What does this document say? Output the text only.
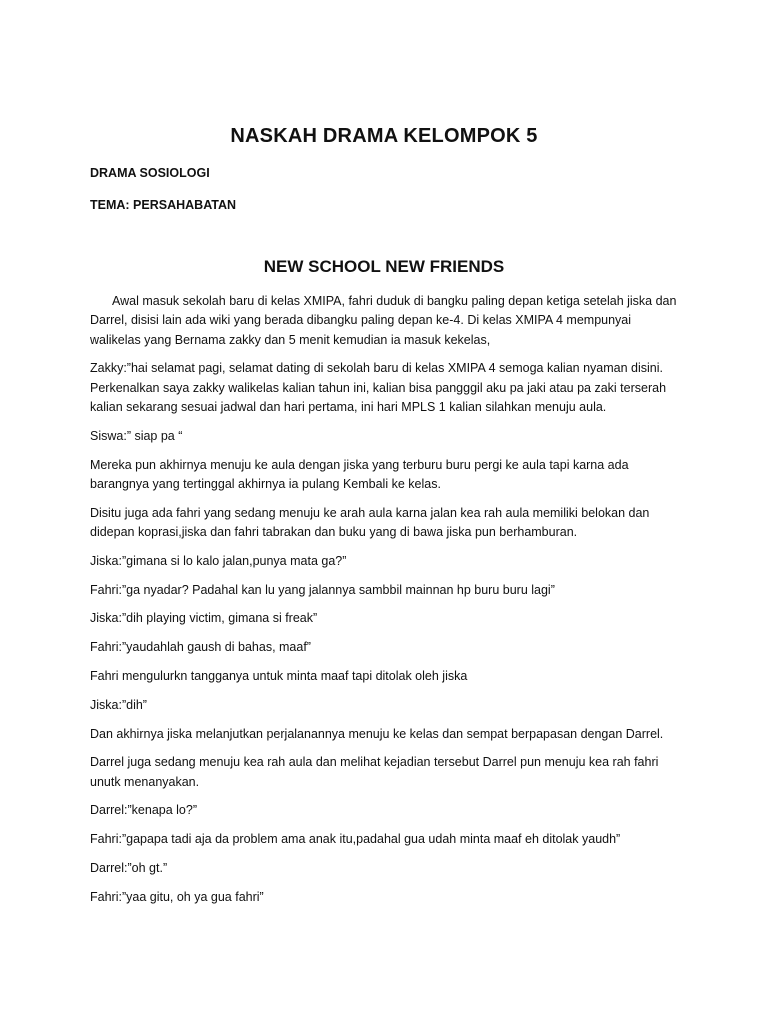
NASKAH DRAMA KELOMPOK 5

DRAMA SOSIOLOGI

TEMA: PERSAHABATAN

NEW SCHOOL NEW FRIENDS

Awal masuk sekolah baru di kelas XMIPA, fahri duduk di bangku paling depan ketiga setelah jiska dan Darrel, disisi lain ada wiki yang berada dibangku paling depan ke-4. Di kelas XMIPA 4 mempunyai walikelas yang Bernama zakky dan 5 menit kemudian ia masuk kekelas,

Zakky:”hai selamat pagi, selamat dating di sekolah baru di kelas XMIPA 4 semoga kalian nyaman disini. Perkenalkan saya zakky walikelas kalian tahun ini, kalian bisa pangggil aku pa jaki atau pa zaki terserah kalian sekarang sesuai jadwal dan hari pertama, ini hari MPLS 1 kalian silahkan menuju aula.

Siswa:” siap pa “

Mereka pun akhirnya menuju ke aula dengan jiska yang terburu buru pergi ke aula tapi karna ada barangnya yang tertinggal akhirnya ia pulang Kembali ke kelas.

Disitu juga ada fahri yang sedang menuju ke arah aula karna jalan kea rah aula memiliki belokan dan didepan koprasi,jiska dan fahri tabrakan dan buku yang di bawa jiska pun berhamburan.

Jiska:”gimana si lo kalo jalan,punya mata ga?”

Fahri:”ga nyadar? Padahal kan lu yang jalannya sambbil mainnan hp buru buru lagi”

Jiska:”dih playing victim, gimana si freak”

Fahri:”yaudahlah gaush di bahas, maaf”

Fahri mengulurkn tangganya untuk minta maaf tapi ditolak oleh jiska

Jiska:”dih”

Dan akhirnya jiska melanjutkan perjalanannya menuju ke kelas dan sempat berpapasan dengan Darrel.

Darrel juga sedang menuju kea rah aula dan melihat kejadian tersebut Darrel pun menuju kea rah fahri unutk menanyakan.

Darrel:”kenapa lo?”

Fahri:”gapapa tadi aja da problem ama anak itu,padahal gua udah minta maaf eh ditolak yaudh”

Darrel:”oh gt.”

Fahri:”yaa gitu, oh ya gua fahri”
